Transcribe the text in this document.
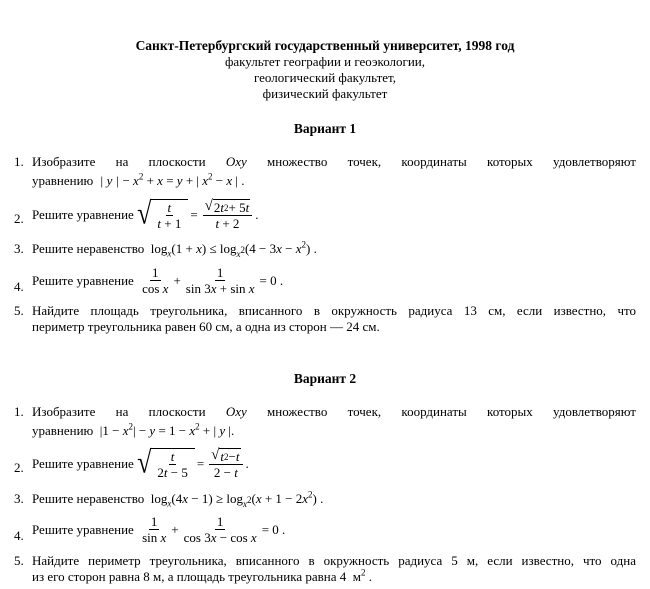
Санкт-Петербургский государственный университет, 1998 год
факультет географии и геоэкологии,
геологический факультет,
физический факультет
Вариант 1
1. Изобразите на плоскости Oxy множество точек, координаты которых удовлетворяют
уравнению  | y | − $x^2 + x = y$ + | $x^2 - x$ | .
2. Решите уравнение
√ $\frac{t}{t + 1} = \frac{√ 2 t 2 + 5 t}{t + 2}$ .
3. Решите неравенство  $\log_x(1 + x) \le \log_{x^2}(4 - 3x - x^2)$ .
4. Решите уравнение
$\frac{1}{\text{cos x}} + \frac{1}{\text{sin 3x + sin x}} = 0$ .
5. Найдите площадь треугольника, вписанного в окружность радиуса 13 см, если известно, что
периметр треугольника равен 60 см, а одна из сторон — 24 см.
Вариант 2
1. Изобразите на плоскости Oxy множество точек, координаты которых удовлетворяют
уравнению  $|1 - x^2| - y = 1 - x^2$ + | y |.
2. Решите уравнение
√ $\frac{t}{2t - 5} = \frac{√ t 2 - t}{2 - t}$ .
3. Решите неравенство  $\log_x(4x - 1) \ge \log_{x^2}(x + 1 - 2x^2)$ .
4. Решите уравнение
$\frac{1}{\text{sin x}} + \frac{1}{\text{cos 3x − cos x}} = 0$ .
5. Найдите периметр треугольника, вписанного в окружность радиуса 5 м, если известно, что одна
из его сторон равна 8 м, а площадь треугольника равна 4  $м^2$ .
